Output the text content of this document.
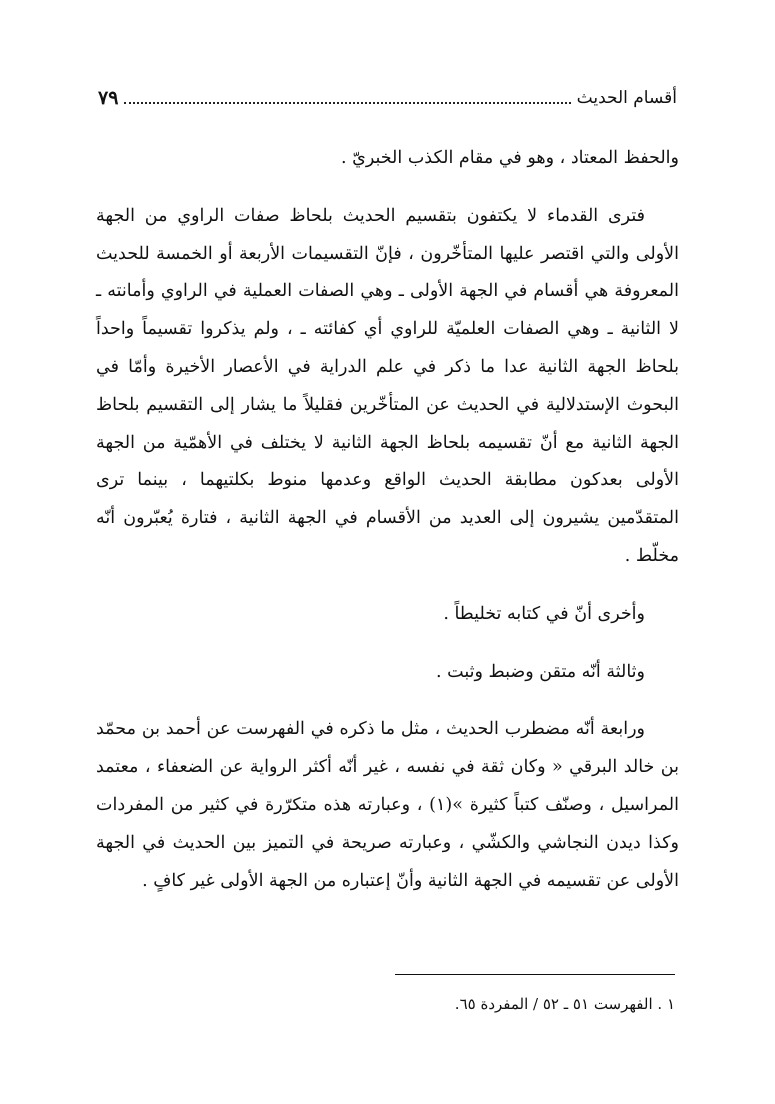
أقسام الحديث
٧٩

والحفظ المعتاد ، وهو في مقام الكذب الخبريّ .

فترى القدماء لا يكتفون بتقسيم الحديث بلحاظ صفات الراوي من الجهة الأولى والتي اقتصر عليها المتأخّرون ، فإنّ التقسيمات الأربعة أو الخمسة للحديث المعروفة هي أقسام في الجهة الأولى ـ وهي الصفات العملية في الراوي وأمانته ـ لا الثانية ـ وهي الصفات العلميّة للراوي أي كفائته ـ ، ولم يذكروا تقسيماً واحداً بلحاظ الجهة الثانية عدا ما ذكر في علم الدراية في الأعصار الأخيرة وأمّا في البحوث الإستدلالية في الحديث عن المتأخّرين فقليلاً ما يشار إلى التقسيم بلحاظ الجهة الثانية مع أنّ تقسيمه بلحاظ الجهة الثانية لا يختلف في الأهمّية من الجهة الأولى بعدكون مطابقة الحديث الواقع وعدمها منوط بكلتيهما ، بينما ترى المتقدّمين يشيرون إلى العديد من الأقسام في الجهة الثانية ، فتارة يُعبّرون أنّه مخلّط .

وأخرى أنّ في كتابه تخليطاً .

وثالثة أنّه متقن وضبط وثبت .

ورابعة أنّه مضطرب الحديث ، مثل ما ذكره في الفهرست عن أحمد بن محمّد بن خالد البرقي « وكان ثقة في نفسه ، غير أنّه أكثر الرواية عن الضعفاء ، معتمد المراسيل ، وصنّف كتباً كثيرة »(١) ، وعبارته هذه متكرّرة في كثير من المفردات وكذا ديدن النجاشي والكشّي ، وعبارته صريحة في التميز بين الحديث في الجهة الأولى عن تقسيمه في الجهة الثانية وأنّ إعتباره من الجهة الأولى غير كافٍ .

١ . الفهرست ٥١ ـ ٥٢ / المفردة ٦٥.
